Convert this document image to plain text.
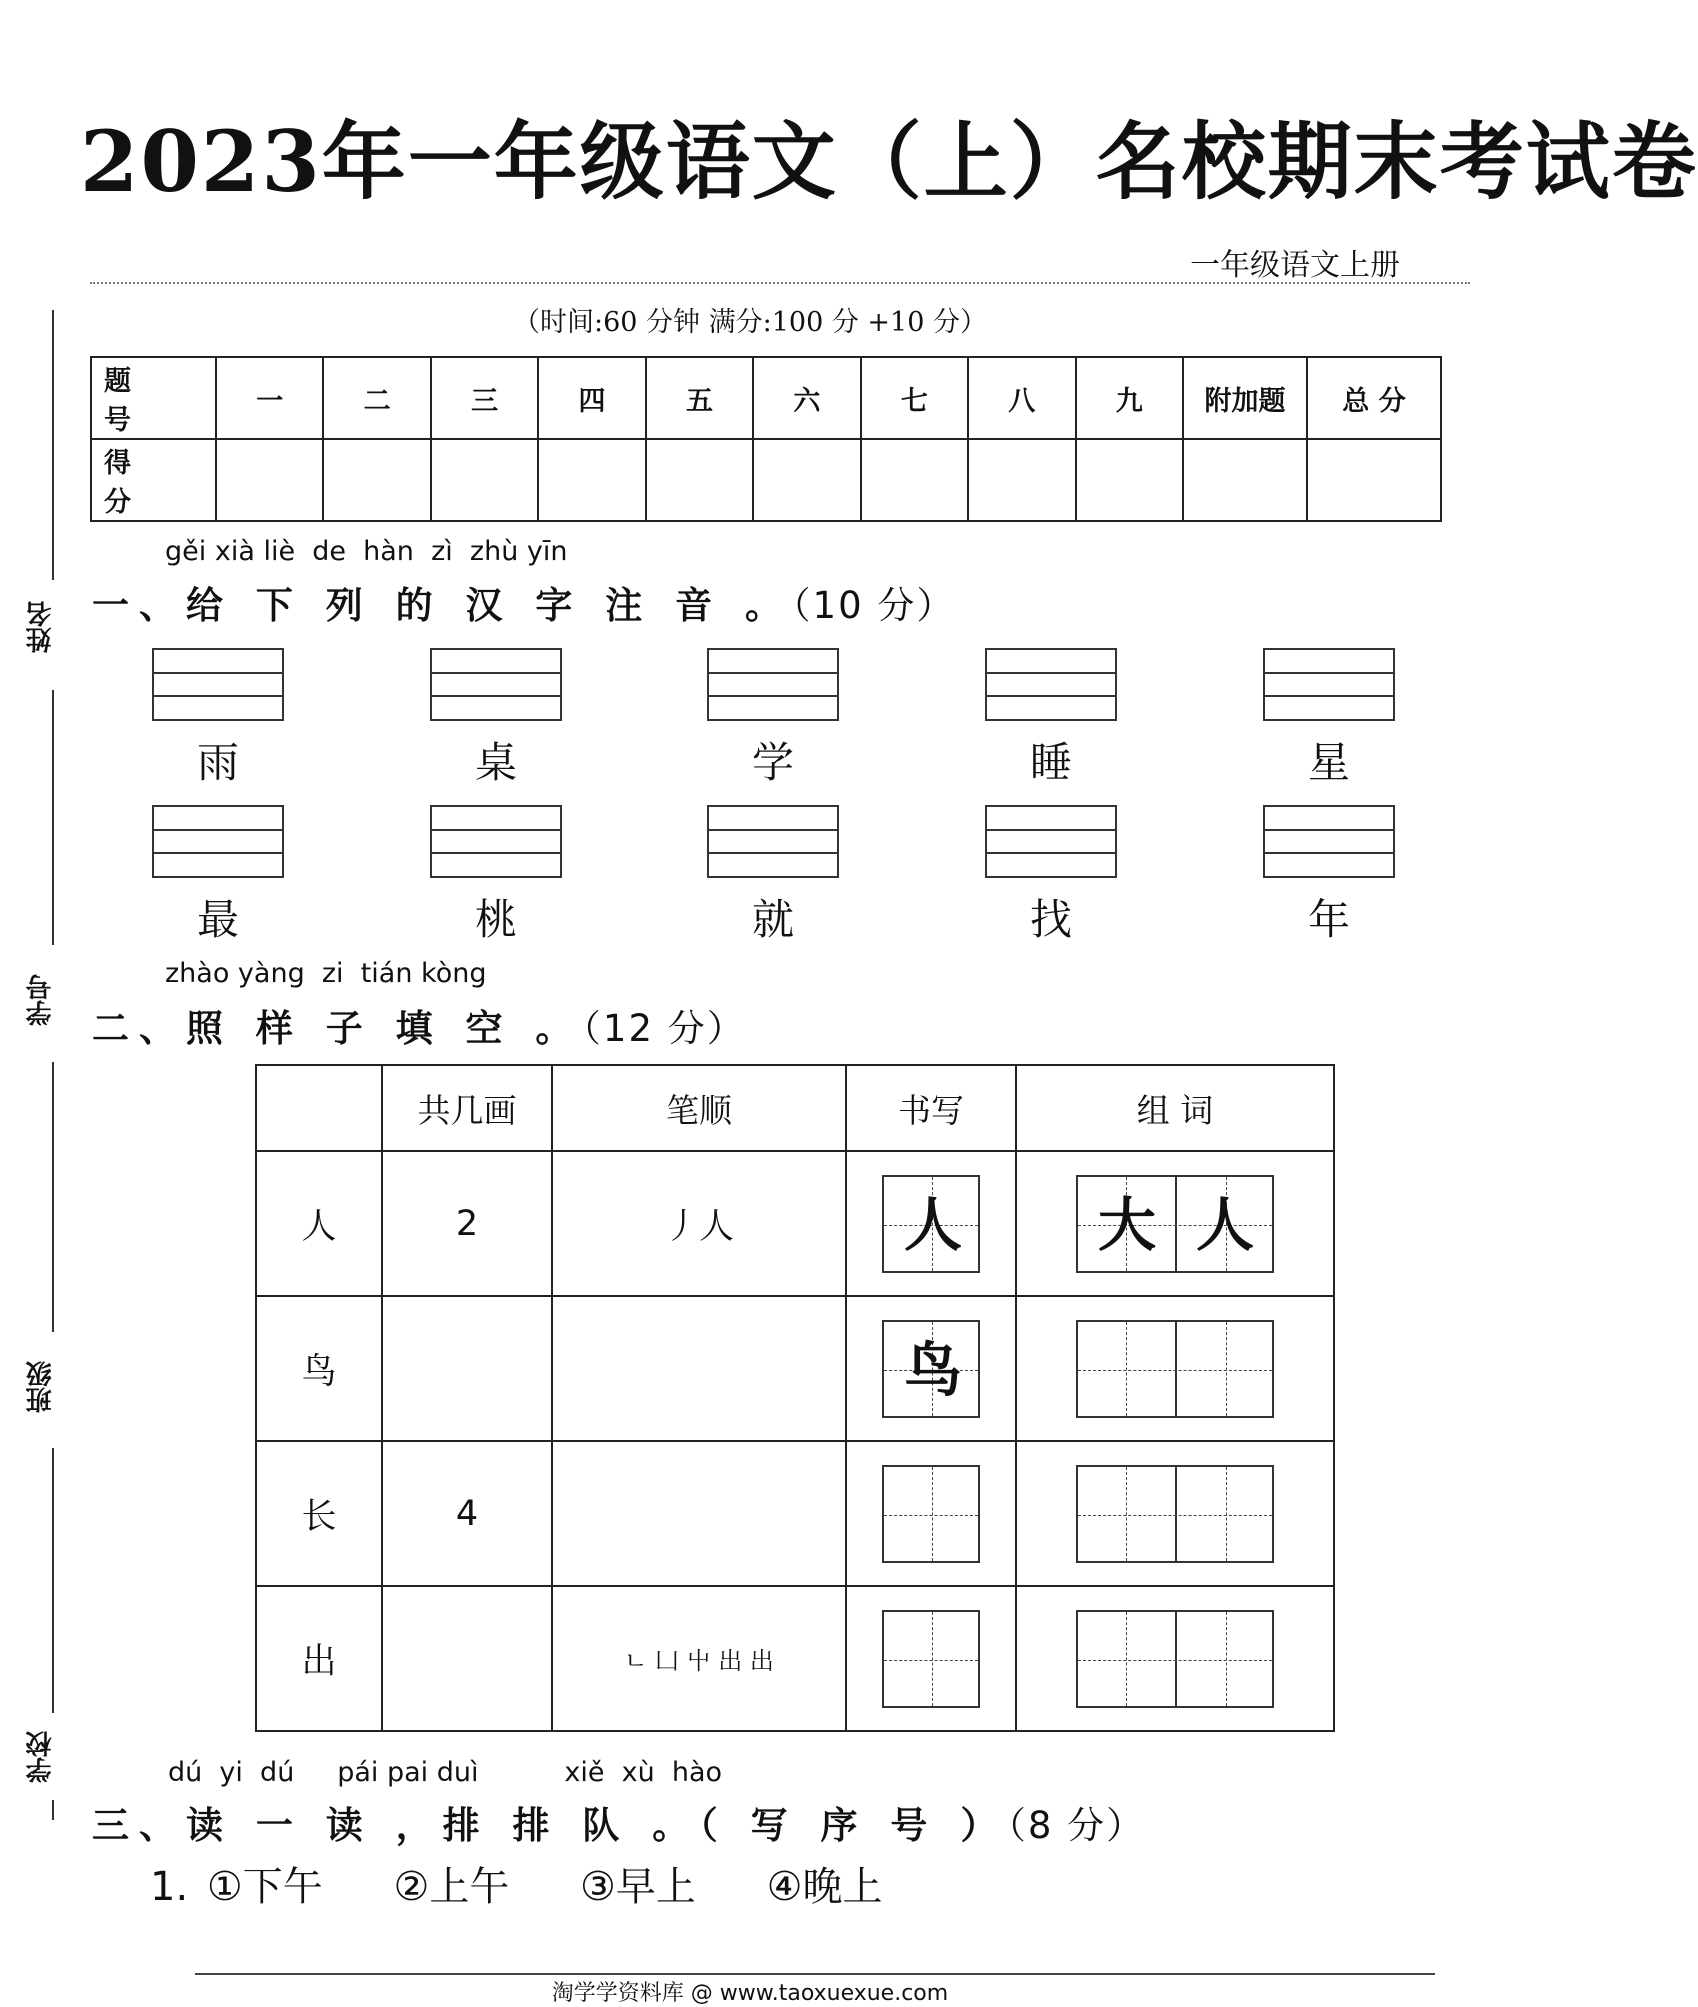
2023年一年级语文（上）名校期末考试卷
一年级语文上册
（时间:60 分钟 满分:100 分 +10 分）
姓名
学号
班级
学校
题 号	一	二	三	四	五	六	七	八	九	附加题	总 分
得 分											
gěi xià liè  de  hàn  zì  zhù yīn
一、给 下 列 的 汉 字 注 音 。（10 分）
雨	桌	学	睡	星
最	桃	就	找	年
zhào yàng  zi  tián kòng
二、照 样 子 填 空 。（12 分）
	共几画	笔顺	书写	组 词
人	2	丿人	人	大 人

鸟			鸟	

长	4		

出		ㄴ 凵 屮 出 出	

dú  yi  dú     pái pai duì          xiě  xù  hào
三、读 一 读 ，排 排 队 。（ 写 序 号 ）（8 分）
1. ①下午 ②上午 ③早上 ④晚上
淘学学资料库 @ www.taoxuexue.com
